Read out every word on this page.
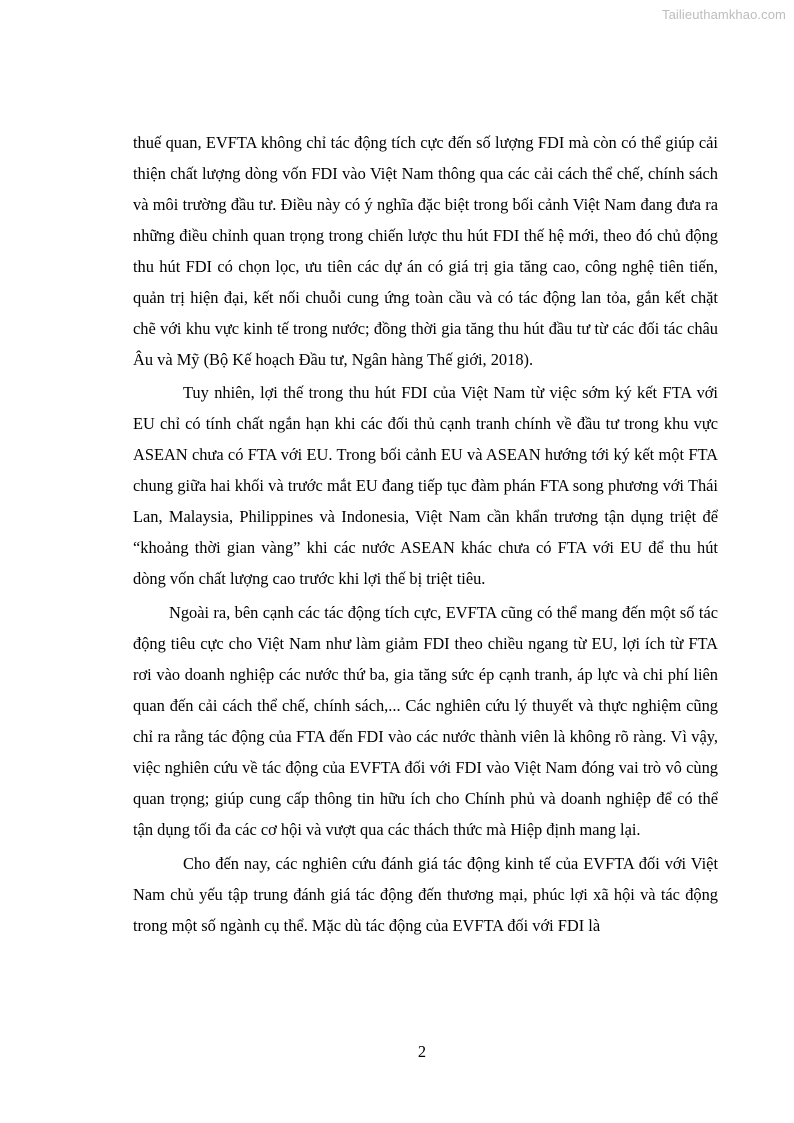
Tailieuthamkhao.com

thuế quan, EVFTA không chỉ tác động tích cực đến số lượng FDI mà còn có thể giúp cải thiện chất lượng dòng vốn FDI vào Việt Nam thông qua các cải cách thể chế, chính sách và môi trường đầu tư. Điều này có ý nghĩa đặc biệt trong bối cảnh Việt Nam đang đưa ra những điều chỉnh quan trọng trong chiến lược thu hút FDI thế hệ mới, theo đó chủ động thu hút FDI có chọn lọc, ưu tiên các dự án có giá trị gia tăng cao, công nghệ tiên tiến, quản trị hiện đại, kết nối chuỗi cung ứng toàn cầu và có tác động lan tỏa, gắn kết chặt chẽ với khu vực kinh tế trong nước; đồng thời gia tăng thu hút đầu tư từ các đối tác châu Âu và Mỹ (Bộ Kế hoạch Đầu tư, Ngân hàng Thế giới, 2018).

Tuy nhiên, lợi thế trong thu hút FDI của Việt Nam từ việc sớm ký kết FTA với EU chỉ có tính chất ngắn hạn khi các đối thủ cạnh tranh chính về đầu tư trong khu vực ASEAN chưa có FTA với EU. Trong bối cảnh EU và ASEAN hướng tới ký kết một FTA chung giữa hai khối và trước mắt EU đang tiếp tục đàm phán FTA song phương với Thái Lan, Malaysia, Philippines và Indonesia, Việt Nam cần khẩn trương tận dụng triệt để “khoảng thời gian vàng” khi các nước ASEAN khác chưa có FTA với EU để thu hút dòng vốn chất lượng cao trước khi lợi thế bị triệt tiêu.

Ngoài ra, bên cạnh các tác động tích cực, EVFTA cũng có thể mang đến một số tác động tiêu cực cho Việt Nam như làm giảm FDI theo chiều ngang từ EU, lợi ích từ FTA rơi vào doanh nghiệp các nước thứ ba, gia tăng sức ép cạnh tranh, áp lực và chi phí liên quan đến cải cách thể chế, chính sách,... Các nghiên cứu lý thuyết và thực nghiệm cũng chỉ ra rằng tác động của FTA đến FDI vào các nước thành viên là không rõ ràng. Vì vậy, việc nghiên cứu về tác động của EVFTA đối với FDI vào Việt Nam đóng vai trò vô cùng quan trọng; giúp cung cấp thông tin hữu ích cho Chính phủ và doanh nghiệp để có thể tận dụng tối đa các cơ hội và vượt qua các thách thức mà Hiệp định mang lại.

Cho đến nay, các nghiên cứu đánh giá tác động kinh tế của EVFTA đối với Việt Nam chủ yếu tập trung đánh giá tác động đến thương mại, phúc lợi xã hội và tác động trong một số ngành cụ thể. Mặc dù tác động của EVFTA đối với FDI là

2
